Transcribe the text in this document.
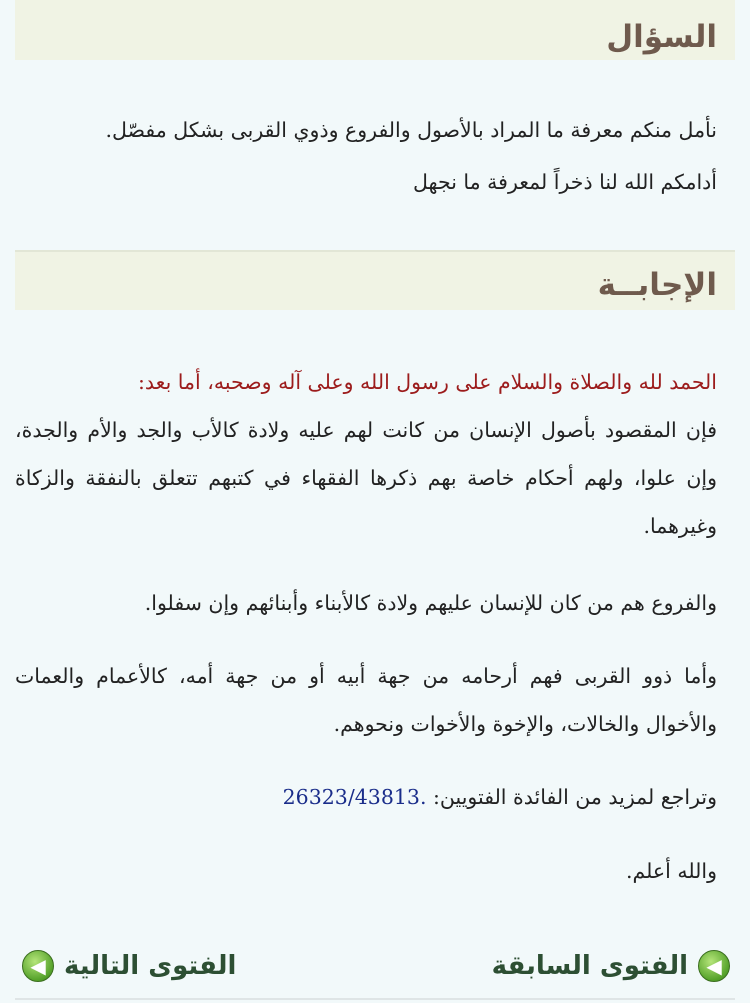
السؤال

نأمل منكم معرفة ما المراد بالأصول والفروع وذوي القربى بشكل مفصّل.

أدامكم الله لنا ذخراً لمعرفة ما نجهل

الإجابــة

الحمد لله والصلاة والسلام على رسول الله وعلى آله وصحبه، أما بعد:

فإن المقصود بأصول الإنسان من كانت لهم عليه ولادة كالأب والجد والأم والجدة، وإن علوا، ولهم أحكام خاصة بهم ذكرها الفقهاء في كتبهم تتعلق بالنفقة والزكاة وغيرهما.

والفروع هم من كان للإنسان عليهم ولادة كالأبناء وأبنائهم وإن سفلوا.

وأما ذوو القربى فهم أرحامه من جهة أبيه أو من جهة أمه، كالأعمام والعمات والأخوال والخالات، والإخوة والأخوات ونحوهم.

وتراجع لمزيد من الفائدة الفتويين: 26323/43813.

والله أعلم.

◀
الفتوى السابقة
الفتوى التالية
◀
